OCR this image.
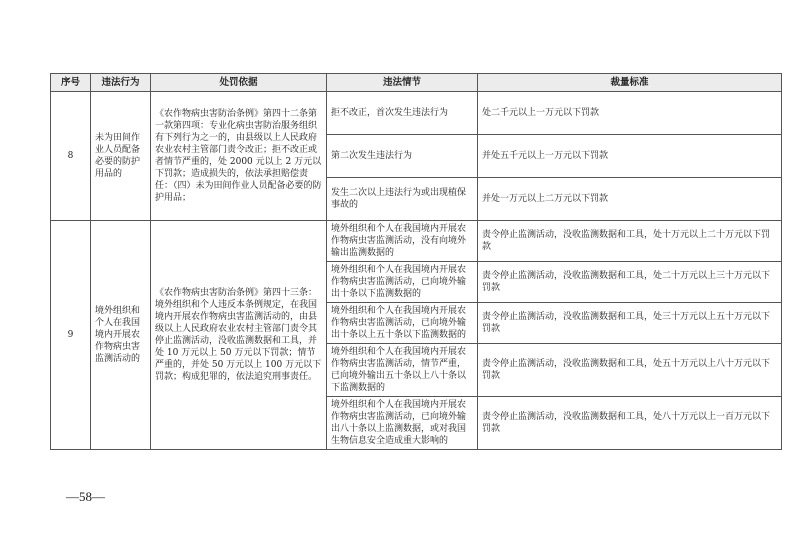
序号	违法行为	处罚依据	违法情节	裁量标准
8	未为田间作业人员配备必要的防护用品的	《农作物病虫害防治条例》第四十二条第一款第四项：专业化病虫害防治服务组织有下列行为之一的，由县级以上人民政府农业农村主管部门责令改正；拒不改正或者情节严重的，处 2000 元以上 2 万元以下罚款；造成损失的，依法承担赔偿责任：（四）未为田间作业人员配备必要的防护用品；	拒不改正，首次发生违法行为	处二千元以上一万元以下罚款
			第二次发生违法行为	并处五千元以上一万元以下罚款
			发生二次以上违法行为或出现植保事故的	并处一万元以上二万元以下罚款
9	境外组织和个人在我国境内开展农作物病虫害监测活动的	《农作物病虫害防治条例》第四十三条：境外组织和个人违反本条例规定，在我国境内开展农作物病虫害监测活动的，由县级以上人民政府农业农村主管部门责令其停止监测活动，没收监测数据和工具，并处 10 万元以上 50 万元以下罚款；情节严重的，并处 50 万元以上 100 万元以下罚款；构成犯罪的，依法追究刑事责任。	境外组织和个人在我国境内开展农作物病虫害监测活动，没有向境外输出监测数据的	责令停止监测活动，没收监测数据和工具，处十万元以上二十万元以下罚款
			境外组织和个人在我国境内开展农作物病虫害监测活动，已向境外输出十条以下监测数据的	责令停止监测活动，没收监测数据和工具，处二十万元以上三十万元以下罚款
			境外组织和个人在我国境内开展农作物病虫害监测活动，已向境外输出十条以上五十条以下监测数据的	责令停止监测活动，没收监测数据和工具，处三十万元以上五十万元以下罚款
			境外组织和个人在我国境内开展农作物病虫害监测活动，情节严重，已向境外输出五十条以上八十条以下监测数据的	责令停止监测活动，没收监测数据和工具，处五十万元以上八十万元以下罚款
			境外组织和个人在我国境内开展农作物病虫害监测活动，已向境外输出八十条以上监测数据，或对我国生物信息安全造成重大影响的	责令停止监测活动，没收监测数据和工具，处八十万元以上一百万元以下罚款
—58—
